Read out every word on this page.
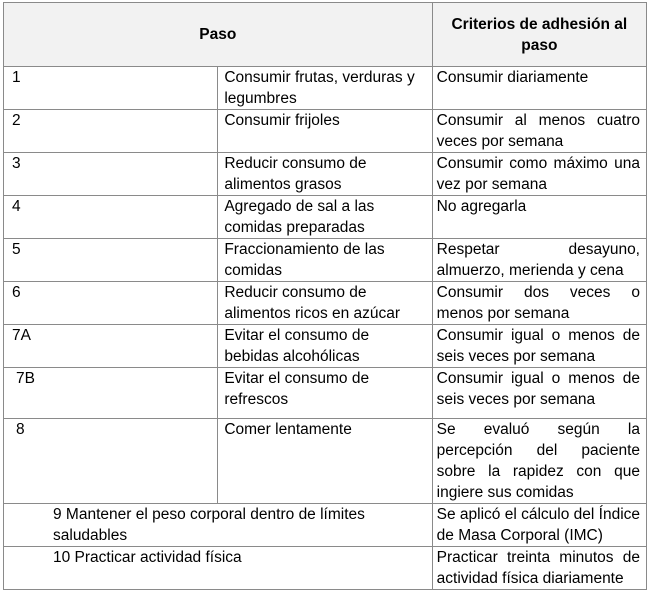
Paso		Criterios de adhesión al paso
1	Consumir frutas, verduras y legumbres	Consumir diariamente
2	Consumir frijoles	Consumir al menos cuatro veces por semana
3	Reducir consumo de alimentos grasos	Consumir como máximo una vez por semana
4	Agregado de sal a las comidas preparadas	No agregarla
5	Fraccionamiento de las comidas	Respetar desayuno, almuerzo, merienda y cena
6	Reducir consumo de alimentos ricos en azúcar	Consumir dos veces o menos por semana
7A	Evitar el consumo de bebidas alcohólicas	Consumir igual o menos de seis veces por semana
7B	Evitar el consumo de refrescos	Consumir igual o menos de seis veces por semana
8	Comer lentamente	Se evaluó según la percepción del paciente sobre la rapidez con que ingiere sus comidas
9 Mantener el peso corporal dentro de límites saludables		Se aplicó el cálculo del Índice de Masa Corporal (IMC)
10 Practicar actividad física		Practicar treinta minutos de actividad física diariamente
